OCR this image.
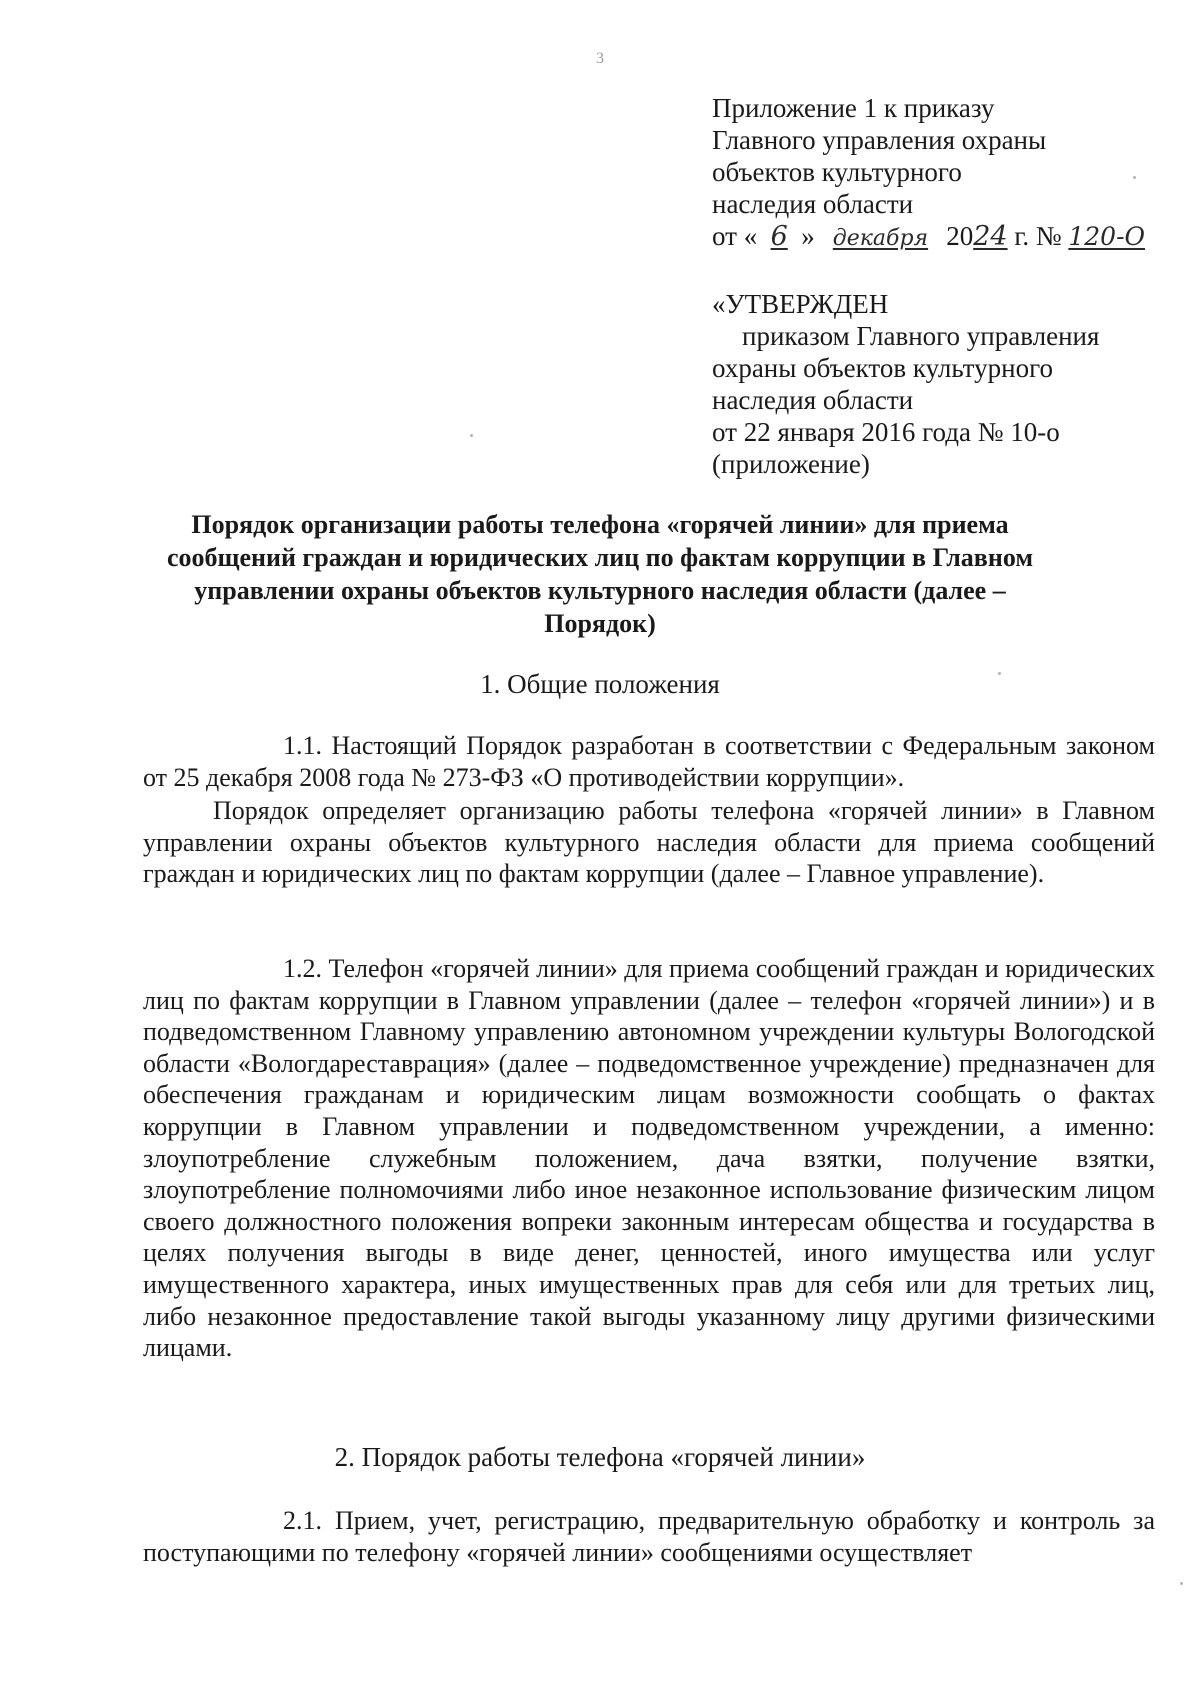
3
Приложение 1 к приказу
Главного управления охраны
объектов культурного
наследия области
от « 6 » декабря 2024 г. № 120-О
«УТВЕРЖДЕН
приказом Главного управления
охраны объектов культурного
наследия области
от 22 января 2016 года № 10-о
(приложение)
Порядок организации работы телефона «горячей линии» для приема
сообщений граждан и юридических лиц по фактам коррупции в Главном
управлении охраны объектов культурного наследия области (далее –
Порядок)
1. Общие положения
1.1. Настоящий Порядок разработан в соответствии с Федеральным законом от 25 декабря 2008 года № 273-ФЗ «О противодействии коррупции».
Порядок определяет организацию работы телефона «горячей линии» в Главном управлении охраны объектов культурного наследия области для приема сообщений граждан и юридических лиц по фактам коррупции (далее – Главное управление).
1.2. Телефон «горячей линии» для приема сообщений граждан и юридических лиц по фактам коррупции в Главном управлении (далее – телефон «горячей линии») и в подведомственном Главному управлению автономном учреждении культуры Вологодской области «Вологдареставрация» (далее – подведомственное учреждение) предназначен для обеспечения гражданам и юридическим лицам возможности сообщать о фактах коррупции в Главном управлении и подведомственном учреждении, а именно: злоупотребление служебным положением, дача взятки, получение взятки, злоупотребление полномочиями либо иное незаконное использование физическим лицом своего должностного положения вопреки законным интересам общества и государства в целях получения выгоды в виде денег, ценностей, иного имущества или услуг имущественного характера, иных имущественных прав для себя или для третьих лиц, либо незаконное предоставление такой выгоды указанному лицу другими физическими лицами.
2. Порядок работы телефона «горячей линии»
2.1. Прием, учет, регистрацию, предварительную обработку и контроль за поступающими по телефону «горячей линии» сообщениями осуществляет
